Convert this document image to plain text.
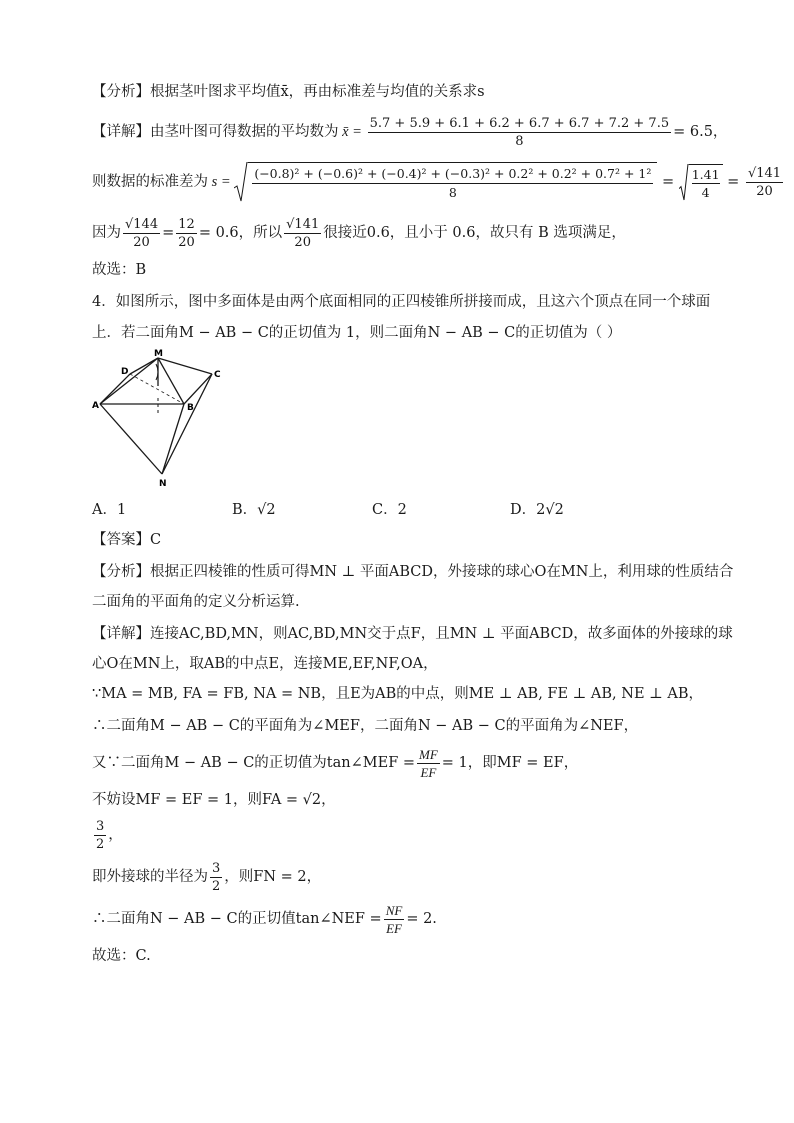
【分析】根据茎叶图求平均值x̄，再由标准差与均值的关系求s
【详解】由茎叶图可得数据的平均数为 x̄ = $\frac{5.7 + 5.9 + 6.1 + 6.2 + 6.7 + 6.7 + 7.2 + 7.5}{8} = 6.5$，
则数据的标准差为 s =
(−0.8)² + (−0.6)² + (−0.4)² + (−0.3)² + 0.2² + 0.2² + 0.7² + 1²
8
= $\frac{1.41}{4} = \frac{√141}{20}$
因为 $\frac{√144}{20} = \frac{12}{20} = 0.6$，所以 $\frac{√141}{20}$ 很接近0.6，且小于 0.6，故只有 B 选项满足，
故选：B
4．如图所示，图中多面体是由两个底面相同的正四棱锥所拼接而成，且这六个顶点在同一个球面
上．若二面角M − AB − C的正切值为 1，则二面角N − AB − C的正切值为（ ）
M
D	C
A	B
N
A．1	B．√2	C．2	D．2√2
【答案】C
【分析】根据正四棱锥的性质可得MN ⊥ 平面ABCD，外接球的球心O在MN上，利用球的性质结合
二面角的平面角的定义分析运算.
【详解】连接AC,BD,MN，则AC,BD,MN交于点F，且MN ⊥ 平面ABCD，故多面体的外接球的球
心O在MN上，取AB的中点E，连接ME,EF,NF,OA，
∵MA = MB, FA = FB, NA = NB，且E为AB的中点，则ME ⊥ AB, FE ⊥ AB, NE ⊥ AB，
∴二面角M − AB − C的平面角为∠MEF，二面角N − AB − C的平面角为∠NEF，
又∵二面角M − AB − C的正切值为tan∠MEF = $\frac{MF}{EF} = 1$，即MF = EF，
不妨设MF = EF = 1，则FA = √2，
$\frac{3}{2}$ ，
即外接球的半径为 $\frac{3}{2}$ ，则FN = 2，
∴二面角N − AB − C的正切值tan∠NEF = $\frac{NF}{EF} = 2$.
故选：C.
